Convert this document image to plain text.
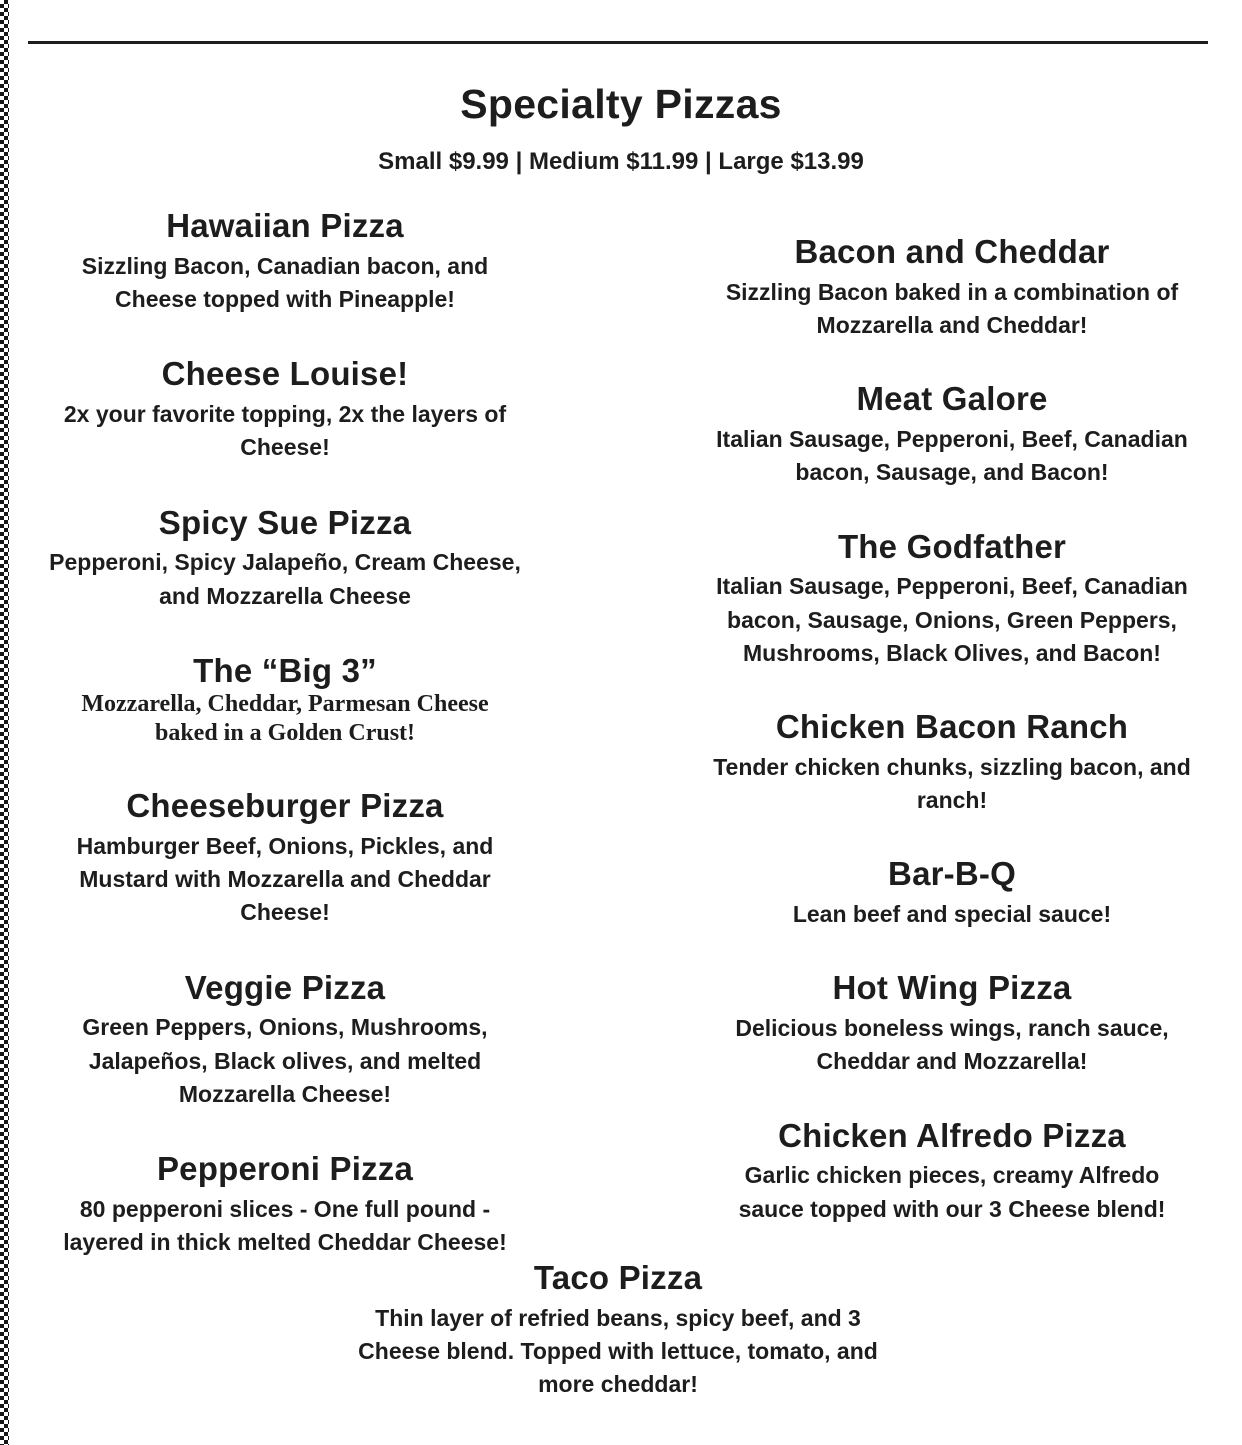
Specialty Pizzas
Small $9.99 | Medium $11.99 | Large $13.99
Hawaiian Pizza

Sizzling Bacon, Canadian bacon, and Cheese topped with Pineapple!

Cheese Louise!

2x your favorite topping, 2x the layers of Cheese!

Spicy Sue Pizza

Pepperoni, Spicy Jalapeño, Cream Cheese, and Mozzarella Cheese

The “Big 3”

Mozzarella, Cheddar, Parmesan Cheese baked in a Golden Crust!

Cheeseburger Pizza

Hamburger Beef, Onions, Pickles, and Mustard with Mozzarella and Cheddar Cheese!

Veggie Pizza

Green Peppers, Onions, Mushrooms, Jalapeños, Black olives, and melted Mozzarella Cheese!

Pepperoni Pizza

80 pepperoni slices - One full pound - layered in thick melted Cheddar Cheese!

Bacon and Cheddar

Sizzling Bacon baked in a combination of Mozzarella and Cheddar!

Meat Galore

Italian Sausage, Pepperoni, Beef, Canadian bacon, Sausage, and Bacon!

The Godfather

Italian Sausage, Pepperoni, Beef, Canadian bacon, Sausage, Onions, Green Peppers, Mushrooms, Black Olives, and Bacon!

Chicken Bacon Ranch

Tender chicken chunks, sizzling bacon, and ranch!

Bar-B-Q

Lean beef and special sauce!

Hot Wing Pizza

Delicious boneless wings, ranch sauce, Cheddar and Mozzarella!

Chicken Alfredo Pizza

Garlic chicken pieces, creamy Alfredo sauce topped with our 3 Cheese blend!

Taco Pizza

Thin layer of refried beans, spicy beef, and 3 Cheese blend. Topped with lettuce, tomato, and more cheddar!
